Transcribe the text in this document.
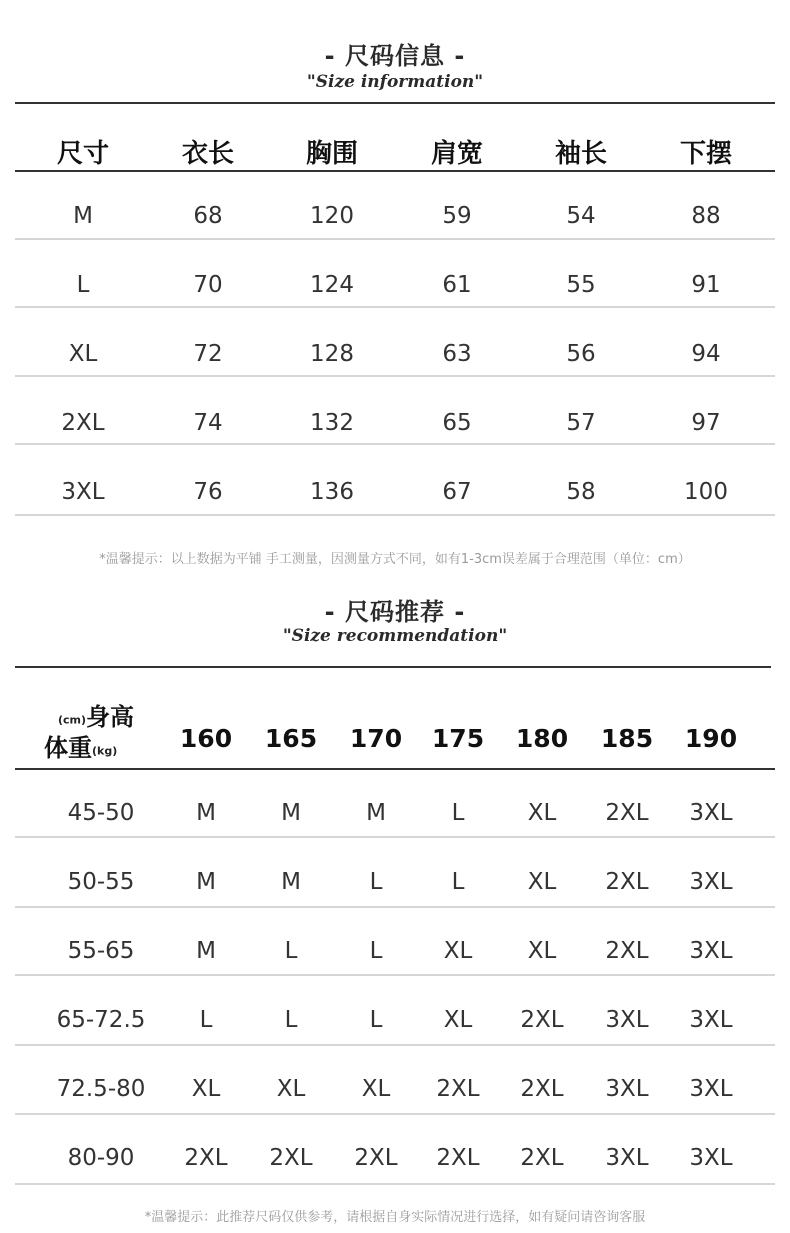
- 尺码信息 -
"Size information"
尺寸	衣长	胸围	肩宽	袖长	下摆
M	68	120	59	54	88
L	70	124	61	55	91
XL	72	128	63	56	94
2XL	74	132	65	57	97
3XL	76	136	67	58	100
*温馨提示：以上数据为平铺 手工测量，因测量方式不同，如有1-3cm误差属于合理范围（单位：cm）
- 尺码推荐 -
"Size recommendation"
(cm)身高
体重(kg)	160 165 170 175 180 185 190
45-50	M	M	M	L	XL 2XL 3XL
50-55	M	M	L	L	XL 2XL 3XL
55-65	M	L	L	XL XL 2XL 3XL
65-72.5 L	L	L	XL 2XL 3XL 3XL
72.5-80 XL XL XL 2XL 2XL 3XL 3XL
80-90 2XL 2XL 2XL 2XL 2XL 3XL 3XL
*温馨提示：此推荐尺码仅供参考，请根据自身实际情况进行选择，如有疑问请咨询客服
